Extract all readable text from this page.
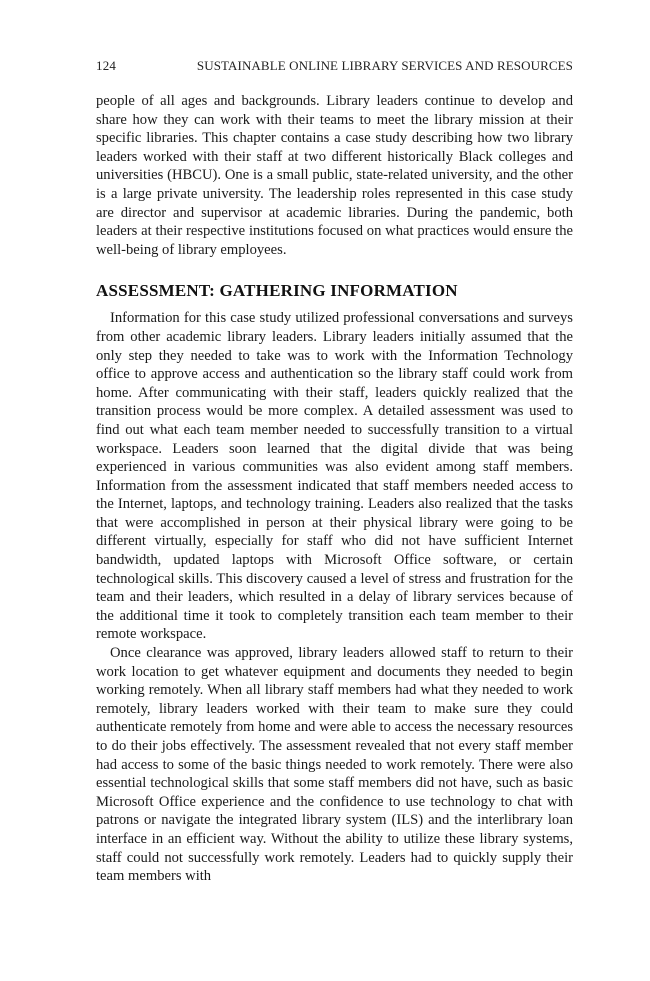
124	SUSTAINABLE ONLINE LIBRARY SERVICES AND RESOURCES

people of all ages and backgrounds. Library leaders continue to develop and share how they can work with their teams to meet the library mission at their specific libraries. This chapter contains a case study describing how two library leaders worked with their staff at two different historically Black colleges and universities (HBCU). One is a small public, state-related university, and the other is a large private university. The leadership roles represented in this case study are director and supervisor at academic libraries. During the pandemic, both leaders at their respective institutions focused on what practices would ensure the well-being of library employees.

ASSESSMENT: GATHERING INFORMATION

Information for this case study utilized professional conversations and surveys from other academic library leaders. Library leaders initially assumed that the only step they needed to take was to work with the Information Technology office to approve access and authentication so the library staff could work from home. After communicating with their staff, leaders quickly realized that the transition process would be more complex. A detailed assessment was used to find out what each team member needed to successfully transition to a virtual workspace. Leaders soon learned that the digital divide that was being experienced in various communities was also evident among staff members. Information from the assessment indicated that staff members needed access to the Internet, laptops, and technology training. Leaders also realized that the tasks that were accomplished in person at their physical library were going to be different virtually, especially for staff who did not have sufficient Internet bandwidth, updated laptops with Microsoft Office software, or certain technological skills. This discovery caused a level of stress and frustration for the team and their leaders, which resulted in a delay of library services because of the additional time it took to completely transition each team member to their remote workspace.

Once clearance was approved, library leaders allowed staff to return to their work location to get whatever equipment and documents they needed to begin working remotely. When all library staff members had what they needed to work remotely, library leaders worked with their team to make sure they could authenticate remotely from home and were able to access the necessary resources to do their jobs effectively. The assessment revealed that not every staff member had access to some of the basic things needed to work remotely. There were also essential technological skills that some staff members did not have, such as basic Microsoft Office experience and the confidence to use technology to chat with patrons or navigate the integrated library system (ILS) and the interlibrary loan interface in an efficient way. Without the ability to utilize these library systems, staff could not successfully work remotely. Leaders had to quickly supply their team members with
